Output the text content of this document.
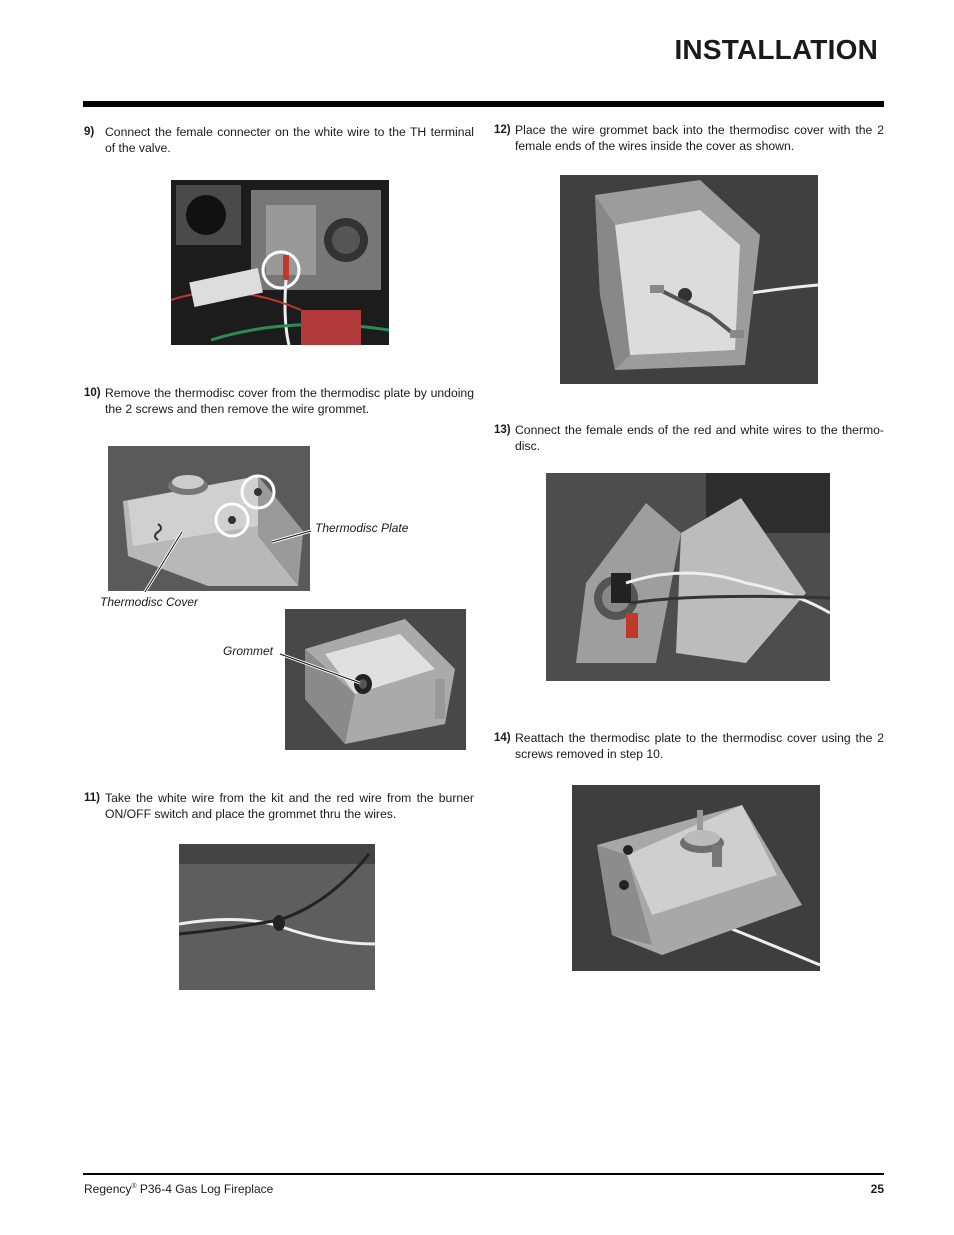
INSTALLATION
9) Connect the female connecter on the white wire to the TH terminal of the valve.
10) Remove the thermodisc cover from the thermodisc plate by undoing the 2 screws and then remove the wire grommet.
Thermodisc Plate
Thermodisc Cover
Grommet
11) Take the white wire from the kit and the red wire from the burner ON/OFF switch and place the grommet thru the wires.
12) Place the wire grommet back into the thermodisc cover with the 2 female ends of the wires inside the cover as shown.
13) Connect the female ends of the red and white wires to the thermo-disc.
14) Reattach the thermodisc plate to the thermodisc cover using the 2 screws removed in step 10.
Regency® P36-4 Gas Log Fireplace	25
